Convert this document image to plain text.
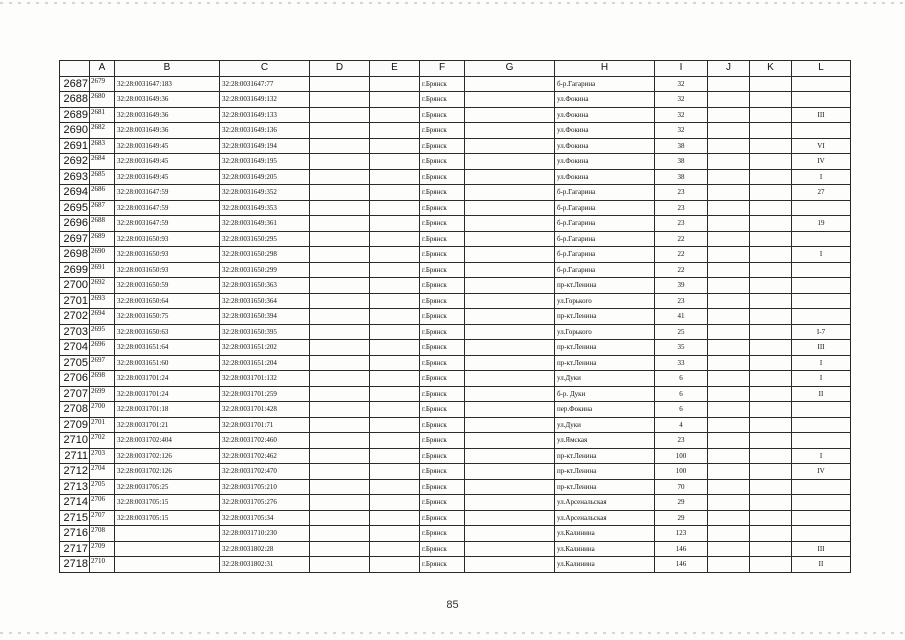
	A	B	C	D	E	F	G	H	I	J	K	L
2687	2679	32:28:0031647:183	32:28:0031647:77			г.Брянск		б-р.Гагарина	32			
2688	2680	32:28:0031649:36	32:28:0031649:132			г.Брянск		ул.Фокина	32			
2689	2681	32:28:0031649:36	32:28:0031649:133			г.Брянск		ул.Фокина	32			III
2690	2682	32:28:0031649:36	32:28:0031649:136			г.Брянск		ул.Фокина	32			
2691	2683	32:28:0031649:45	32:28:0031649:194			г.Брянск		ул.Фокина	38			VI
2692	2684	32:28:0031649:45	32:28:0031649:195			г.Брянск		ул.Фокина	38			IV
2693	2685	32:28:0031649:45	32:28:0031649:205			г.Брянск		ул.Фокина	38			I
2694	2686	32:28:0031647:59	32:28:0031649:352			г.Брянск		б-р.Гагарина	23			27
2695	2687	32:28:0031647:59	32:28:0031649:353			г.Брянск		б-р.Гагарина	23			
2696	2688	32:28:0031647:59	32:28:0031649:361			г.Брянск		б-р.Гагарина	23			19
2697	2689	32:28:0031650:93	32:28:0031650:295			г.Брянск		б-р.Гагарина	22			
2698	2690	32:28:0031650:93	32:28:0031650:298			г.Брянск		б-р.Гагарина	22			I
2699	2691	32:28:0031650:93	32:28:0031650:299			г.Брянск		б-р.Гагарина	22			
2700	2692	32:28:0031650:59	32:28:0031650:363			г.Брянск		пр-кт.Ленина	39			
2701	2693	32:28:0031650:64	32:28:0031650:364			г.Брянск		ул.Горького	23			
2702	2694	32:28:0031650:75	32:28:0031650:394			г.Брянск		пр-кт.Ленина	41			
2703	2695	32:28:0031650:63	32:28:0031650:395			г.Брянск		ул.Горького	25			I-7
2704	2696	32:28:0031651:64	32:28:0031651:202			г.Брянск		пр-кт.Ленина	35			III
2705	2697	32:28:0031651:60	32:28:0031651:204			г.Брянск		пр-кт.Ленина	33			I
2706	2698	32:28:0031701:24	32:28:0031701:132			г.Брянск		ул.Дуки	6			I
2707	2699	32:28:0031701:24	32:28:0031701:259			г.Брянск		б-р. Дуки	6			II
2708	2700	32:28:0031701:18	32:28:0031701:428			г.Брянск		пер.Фокина	6			
2709	2701	32:28:0031701:21	32:28:0031701:71			г.Брянск		ул.Дуки	4			
2710	2702	32:28:0031702:404	32:28:0031702:460			г.Брянск		ул.Ямская	23			
2711	2703	32:28:0031702:126	32:28:0031702:462			г.Брянск		пр-кт.Ленина	100			I
2712	2704	32:28:0031702:126	32:28:0031702:470			г.Брянск		пр-кт.Ленина	100			IV
2713	2705	32:28:0031705:25	32:28:0031705:210			г.Брянск		пр-кт.Ленина	70			
2714	2706	32:28:0031705:15	32:28:0031705:276			г.Брянск		ул.Арсенальская	29			
2715	2707	32:28:0031705:15	32:28:0031705:34			г.Брянск		ул.Арсенальская	29			
2716	2708		32:28:0031710:230			г.Брянск		ул.Калинина	123			
2717	2709		32:28:0031802:28			г.Брянск		ул.Калинина	146			III
2718	2710		32:28:0031802:31			г.Брянск		ул.Калинина	146			II
85
